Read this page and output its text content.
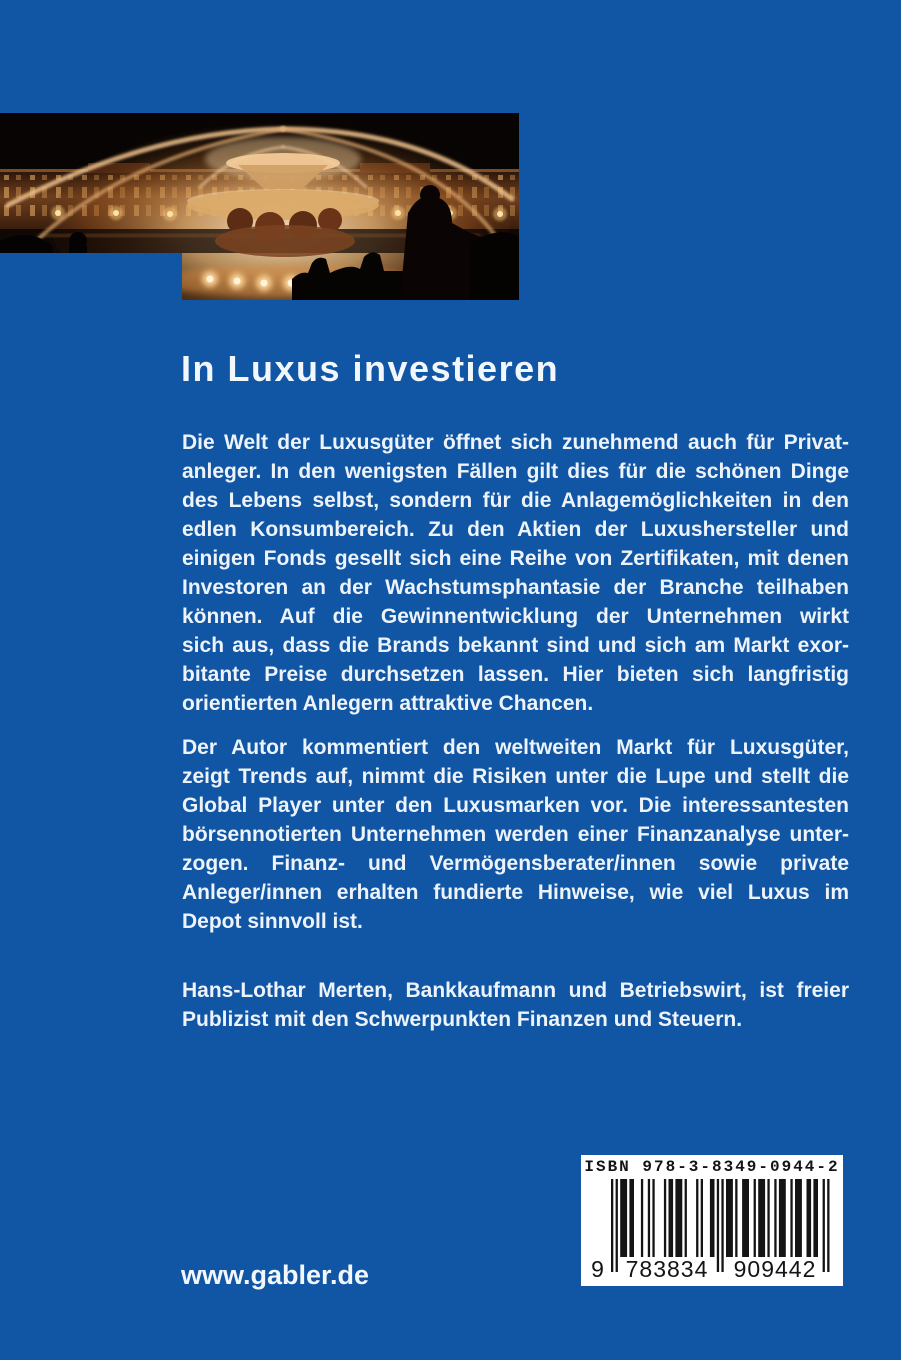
In Luxus investieren
Die Welt der Luxusgüter öffnet sich zunehmend auch für Privat-
anleger. In den wenigsten Fällen gilt dies für die schönen Dinge
des Lebens selbst, sondern für die Anlagemöglichkeiten in den
edlen Konsumbereich. Zu den Aktien der Luxushersteller und
einigen Fonds gesellt sich eine Reihe von Zertifikaten, mit denen
Investoren an der Wachstumsphantasie der Branche teilhaben
können. Auf die Gewinnentwicklung der Unternehmen wirkt
sich aus, dass die Brands bekannt sind und sich am Markt exor-
bitante Preise durchsetzen lassen. Hier bieten sich langfristig
orientierten Anlegern attraktive Chancen.
Der Autor kommentiert den weltweiten Markt für Luxusgüter,
zeigt Trends auf, nimmt die Risiken unter die Lupe und stellt die
Global Player unter den Luxusmarken vor. Die interessantesten
börsennotierten Unternehmen werden einer Finanzanalyse unter-
zogen. Finanz- und Vermögensberater/innen sowie private
Anleger/innen erhalten fundierte Hinweise, wie viel Luxus im
Depot sinnvoll ist.
Hans-Lothar Merten, Bankkaufmann und Betriebswirt, ist freier
Publizist mit den Schwerpunkten Finanzen und Steuern.
www.gabler.de
ISBN 978-3-8349-0944-2
9 783834 909442
